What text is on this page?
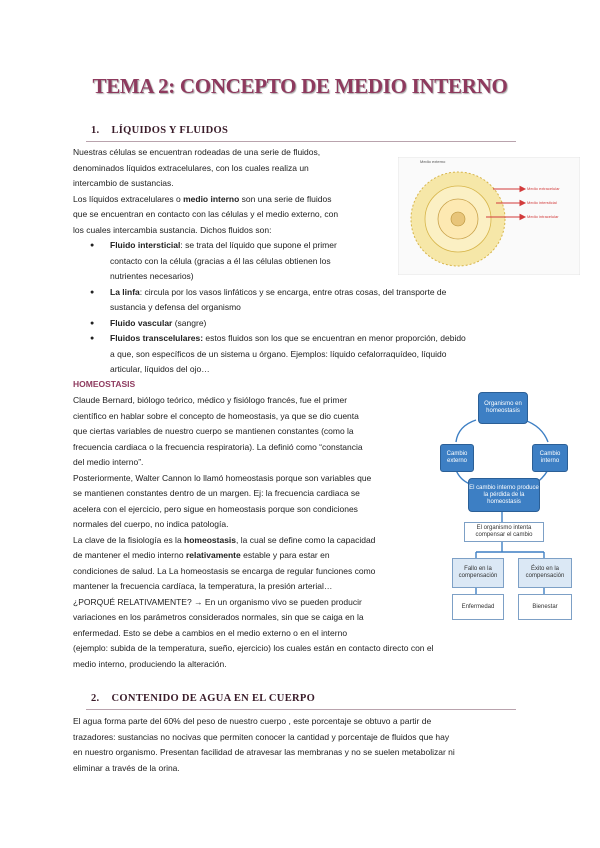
TEMA 2: CONCEPTO DE MEDIO INTERNO
1. LÍQUIDOS Y FLUIDOS
Nuestras células se encuentran rodeadas de una serie de fluidos,
denominados líquidos extracelulares, con los cuales realiza un
intercambio de sustancias.
Los líquidos extracelulares o medio interno son una serie de fluidos
que se encuentran en contacto con las células y el medio externo, con
los cuales intercambia sustancia. Dichos fluidos son:
● Fluido intersticial: se trata del líquido que supone el primer
contacto con la célula (gracias a él las células obtienen los
nutrientes necesarios)
● La linfa: circula por los vasos linfáticos y se encarga, entre otras cosas, del transporte de
sustancia y defensa del organismo
● Fluido vascular (sangre)
● Fluidos transcelulares: estos fluidos son los que se encuentran en menor proporción, debido
a que, son específicos de un sistema u órgano. Ejemplos: líquido cefalorraquídeo, líquido
articular, líquidos del ojo…
Medio externo
Medio extracelular
Medio intersticial
Medio intracelular
HOMEOSTASIS
Claude Bernard, biólogo teórico, médico y fisiólogo francés, fue el primer
científico en hablar sobre el concepto de homeostasis, ya que se dio cuenta
que ciertas variables de nuestro cuerpo se mantienen constantes (como la
frecuencia cardiaca o la frecuencia respiratoria). La definió como “constancia
del medio interno”.
Posteriormente, Walter Cannon lo llamó homeostasis porque son variables que
se mantienen constantes dentro de un margen. Ej: la frecuencia cardiaca se
acelera con el ejercicio, pero sigue en homeostasis porque son condiciones
normales del cuerpo, no indica patología.
La clave de la fisiología es la homeostasis, la cual se define como la capacidad
de mantener el medio interno relativamente estable y para estar en
condiciones de salud. La La homeostasis se encarga de regular funciones como
mantener la frecuencia cardíaca, la temperatura, la presión arterial…
¿PORQUÉ RELATIVAMENTE? → En un organismo vivo se pueden producir
variaciones en los parámetros considerados normales, sin que se caiga en la
enfermedad. Esto se debe a cambios en el medio externo o en el interno
(ejemplo: subida de la temperatura, sueño, ejercicio) los cuales están en contacto directo con el
medio interno, produciendo la alteración.
Organismo en homeostasis
Cambio externo
Cambio interno
El cambio interno produce la pérdida de la homeostasis
El organismo intenta compensar el cambio
Fallo en la compensación
Éxito en la compensación
Enfermedad	Bienestar
2. CONTENIDO DE AGUA EN EL CUERPO
El agua forma parte del 60% del peso de nuestro cuerpo , este porcentaje se obtuvo a partir de
trazadores: sustancias no nocivas que permiten conocer la cantidad y porcentaje de fluidos que hay
en nuestro organismo. Presentan facilidad de atravesar las membranas y no se suelen metabolizar ni
eliminar a través de la orina.
